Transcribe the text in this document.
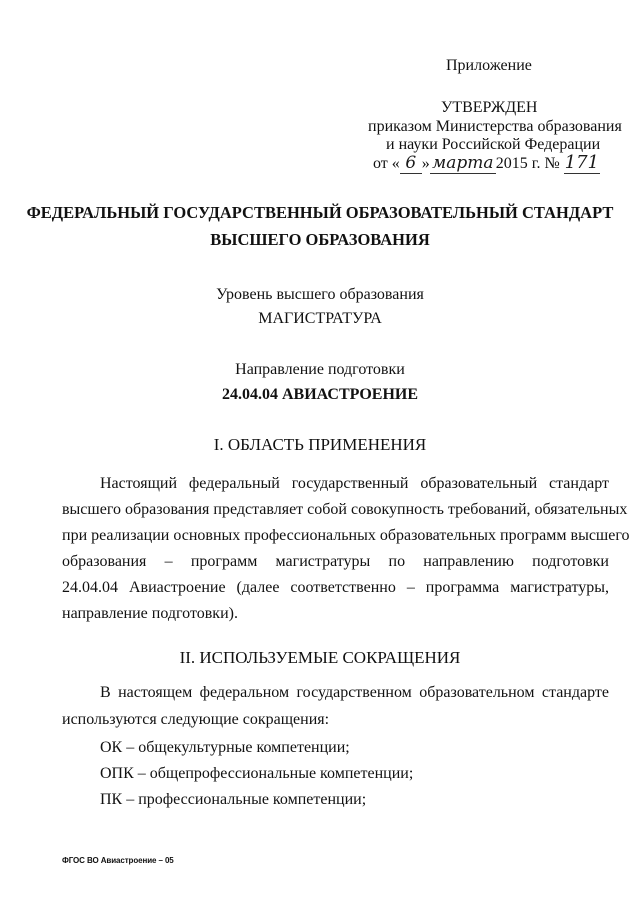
Приложение
УТВЕРЖДЕН
приказом Министерства образования
и науки Российской Федерации
от « 6 » марта 2015 г. № 171
ФЕДЕРАЛЬНЫЙ ГОСУДАРСТВЕННЫЙ ОБРАЗОВАТЕЛЬНЫЙ СТАНДАРТ
ВЫСШЕГО ОБРАЗОВАНИЯ
Уровень высшего образования
МАГИСТРАТУРА
Направление подготовки
24.04.04 АВИАСТРОЕНИЕ
I. ОБЛАСТЬ ПРИМЕНЕНИЯ
Настоящий федеральный государственный образовательный стандарт
высшего образования представляет собой совокупность требований, обязательных
при реализации основных профессиональных образовательных программ высшего
образования – программ магистратуры по направлению подготовки
24.04.04 Авиастроение (далее соответственно – программа магистратуры,
направление подготовки).
II. ИСПОЛЬЗУЕМЫЕ СОКРАЩЕНИЯ
В настоящем федеральном государственном образовательном стандарте
используются следующие сокращения:
ОК – общекультурные компетенции;
ОПК – общепрофессиональные компетенции;
ПК – профессиональные компетенции;
ФГОС ВО Авиастроение – 05
